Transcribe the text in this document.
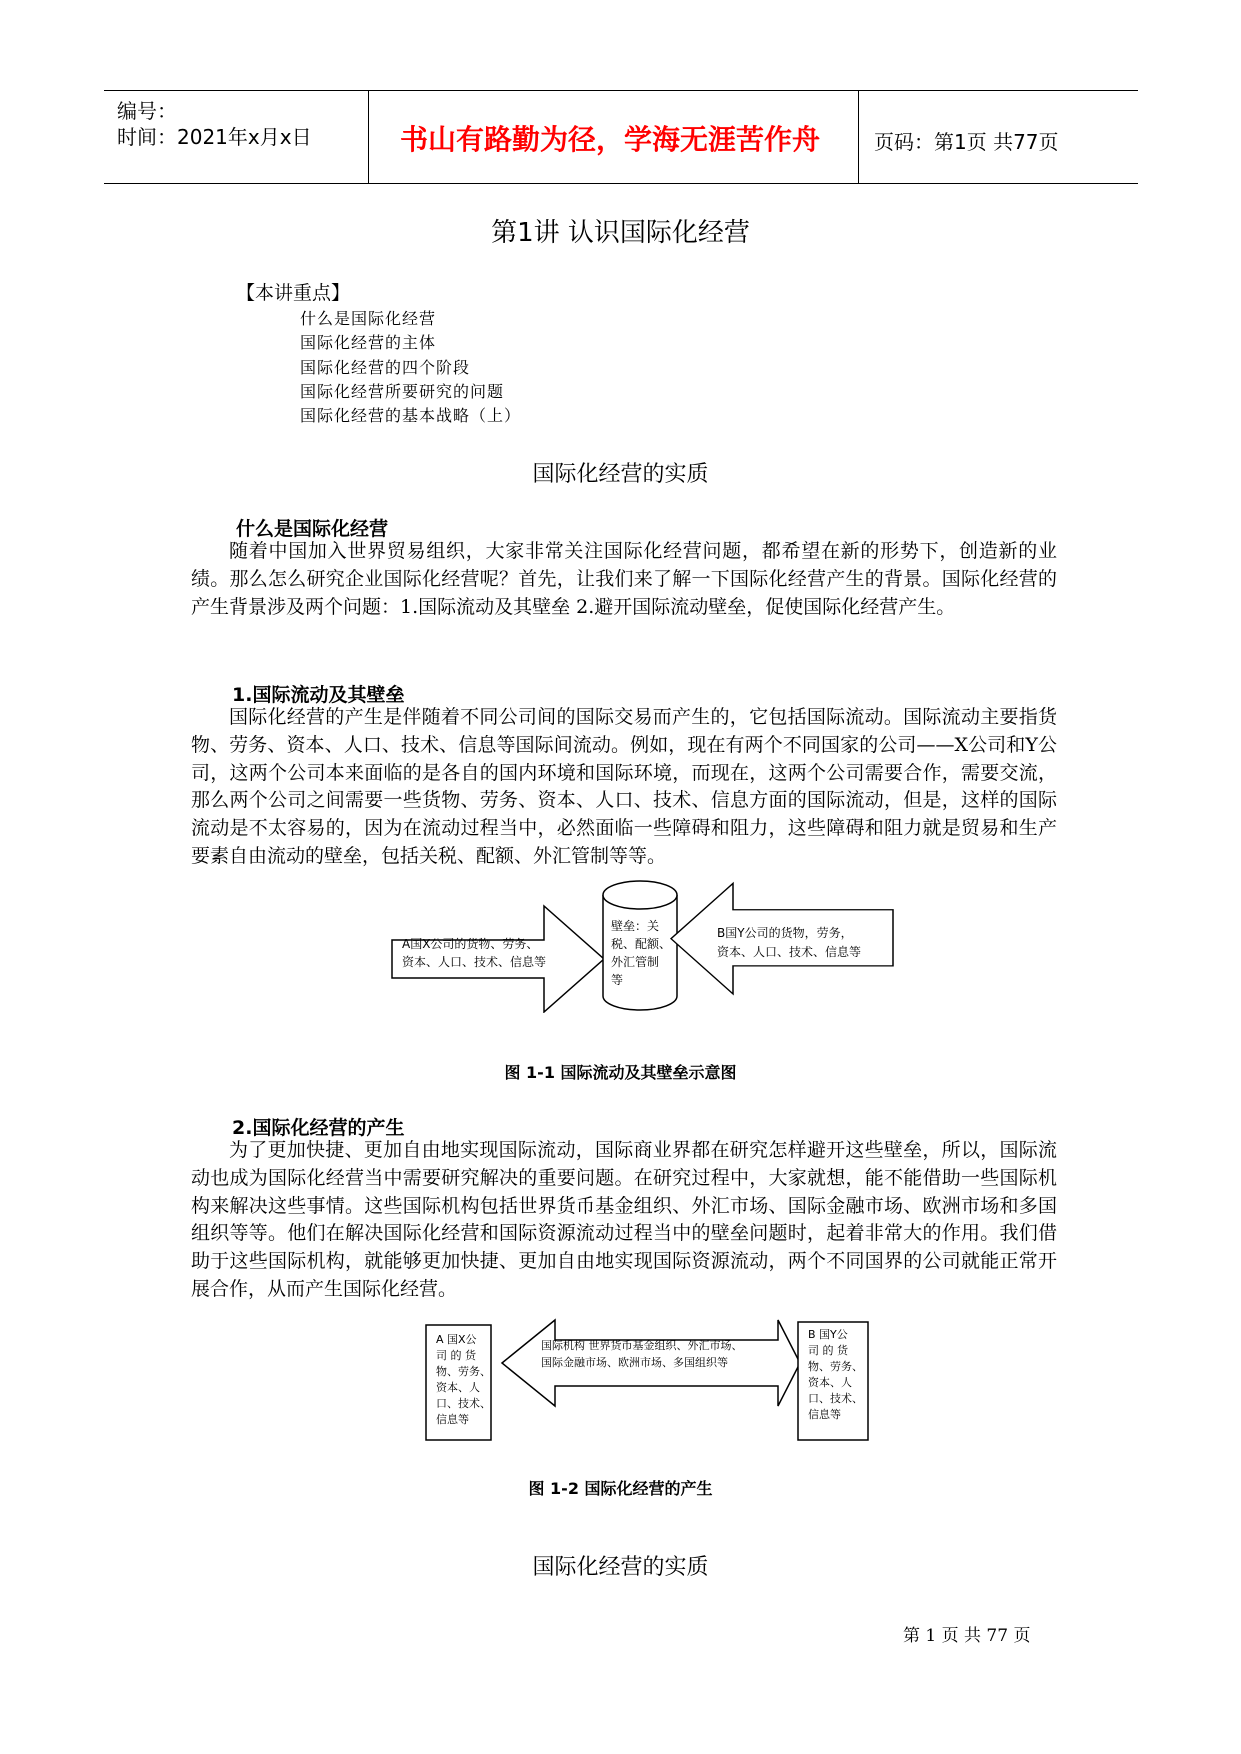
编号：
时间：2021年x月x日	书山有路勤为径，学海无涯苦作舟	页码：第1页 共77页
第1讲 认识国际化经营
【本讲重点】
什么是国际化经营
国际化经营的主体
国际化经营的四个阶段
国际化经营所要研究的问题
国际化经营的基本战略（上）
国际化经营的实质
什么是国际化经营

随着中国加入世界贸易组织，大家非常关注国际化经营问题，都希望在新的形势下，创造新的业绩。那么怎么研究企业国际化经营呢？首先，让我们来了解一下国际化经营产生的背景。国际化经营的产生背景涉及两个问题：1.国际流动及其壁垒 2.避开国际流动壁垒，促使国际化经营产生。

1.国际流动及其壁垒

国际化经营的产生是伴随着不同公司间的国际交易而产生的，它包括国际流动。国际流动主要指货物、劳务、资本、人口、技术、信息等国际间流动。例如，现在有两个不同国家的公司——X公司和Y公司，这两个公司本来面临的是各自的国内环境和国际环境，而现在，这两个公司需要合作，需要交流，那么两个公司之间需要一些货物、劳务、资本、人口、技术、信息方面的国际流动，但是，这样的国际流动是不太容易的，因为在流动过程当中，必然面临一些障碍和阻力，这些障碍和阻力就是贸易和生产要素自由流动的壁垒，包括关税、配额、外汇管制等等。

A国X公司的货物、劳务、
资本、人口、技术、信息等
壁垒：关
税、配额、
外汇管制
等
B国Y公司的货物，劳务，
资本、人口、技术、信息等
图 1-1 国际流动及其壁垒示意图
2.国际化经营的产生

为了更加快捷、更加自由地实现国际流动，国际商业界都在研究怎样避开这些壁垒，所以，国际流动也成为国际化经营当中需要研究解决的重要问题。在研究过程中，大家就想，能不能借助一些国际机构来解决这些事情。这些国际机构包括世界货币基金组织、外汇市场、国际金融市场、欧洲市场和多国组织等等。他们在解决国际化经营和国际资源流动过程当中的壁垒问题时，起着非常大的作用。我们借助于这些国际机构，就能够更加快捷、更加自由地实现国际资源流动，两个不同国界的公司就能正常开展合作，从而产生国际化经营。

A 国X公
司 的 货
物、劳务、
资本、人
口、技术、
信息等
国际机构 世界货币基金组织、外汇市场、
国际金融市场、欧洲市场、多国组织等
B 国Y公
司 的 货
物、劳务、
资本、人
口、技术、
信息等
图 1-2 国际化经营的产生
国际化经营的实质
第 1 页 共 77 页
